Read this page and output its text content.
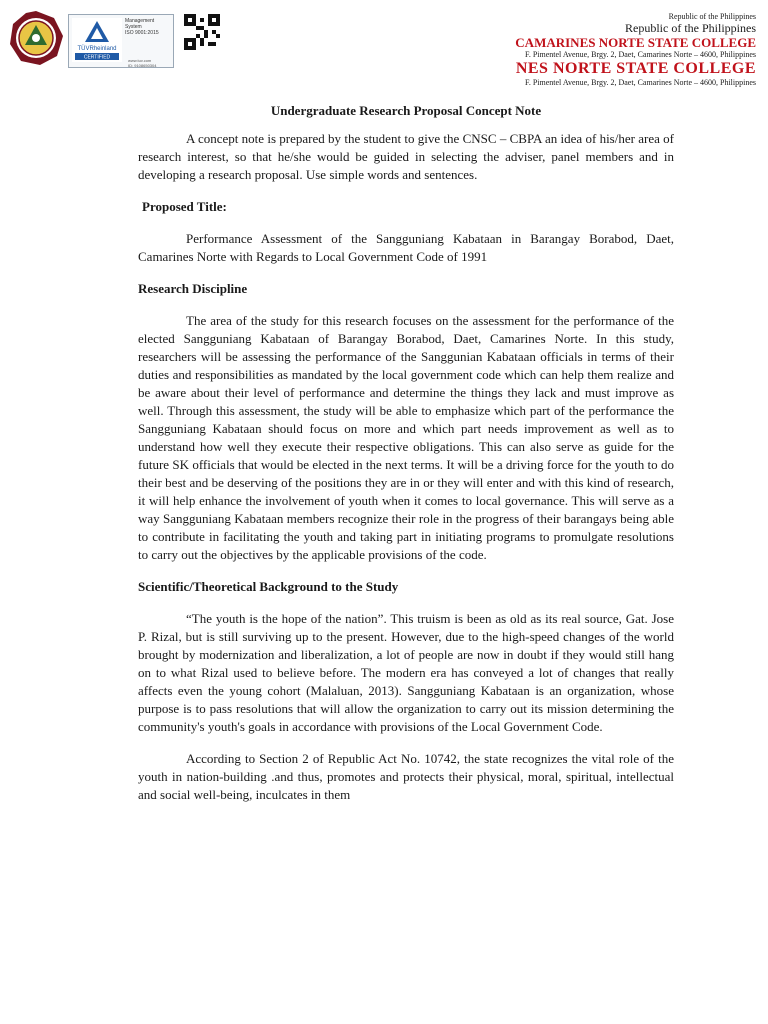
TÜVRheinland
CERTIFIED
Management
System
ISO 9001:2015
www.tuv.com
ID: 9108650304
Republic of the Philippines
Republic of the Philippines
CAMARINES NORTE STATE COLLEGE
F. Pimentel Avenue, Brgy. 2, Daet, Camarines Norte – 4600, Philippines
NES NORTE STATE COLLEGE
F. Pimentel Avenue, Brgy. 2, Daet, Camarines Norte – 4600, Philippines

Undergraduate Research Proposal Concept Note

A concept note is prepared by the student to give the CNSC – CBPA an idea of his/her area of research interest, so that he/she would be guided in selecting the adviser, panel members and in developing a research proposal. Use simple words and sentences.

Proposed Title:

Performance Assessment of the Sangguniang Kabataan in Barangay Borabod, Daet, Camarines Norte with Regards to Local Government Code of 1991

Research Discipline

The area of the study for this research focuses on the assessment for the performance of the elected Sangguniang Kabataan of Barangay Borabod, Daet, Camarines Norte. In this study, researchers will be assessing the performance of the Sanggunian Kabataan officials in terms of their duties and responsibilities as mandated by the local government code which can help them realize and be aware about their level of performance and determine the things they lack and must improve as well. Through this assessment, the study will be able to emphasize which part of the performance the Sangguniang Kabataan should focus on more and which part needs improvement as well as to understand how well they execute their respective obligations. This can also serve as guide for the future SK officials that would be elected in the next terms. It will be a driving force for the youth to do their best and be deserving of the positions they are in or they will enter and with this kind of research, it will help enhance the involvement of youth when it comes to local governance. This will serve as a way Sangguniang Kabataan members recognize their role in the progress of their barangays being able to contribute in facilitating the youth and taking part in initiating programs to promulgate resolutions to carry out the objectives by the applicable provisions of the code.

Scientific/Theoretical Background to the Study

“The youth is the hope of the nation”. This truism is been as old as its real source, Gat. Jose P. Rizal, but is still surviving up to the present. However, due to the high-speed changes of the world brought by modernization and liberalization, a lot of people are now in doubt if they would still hang on to what Rizal used to believe before. The modern era has conveyed a lot of changes that really affects even the young cohort (Malaluan, 2013). Sangguniang Kabataan is an organization, whose purpose is to pass resolutions that will allow the organization to carry out its mission determining the community's youth's goals in accordance with provisions of the Local Government Code.

According to Section 2 of Republic Act No. 10742, the state recognizes the vital role of the youth in nation-building .and thus, promotes and protects their physical, moral, spiritual, intellectual and social well-being, inculcates in them
